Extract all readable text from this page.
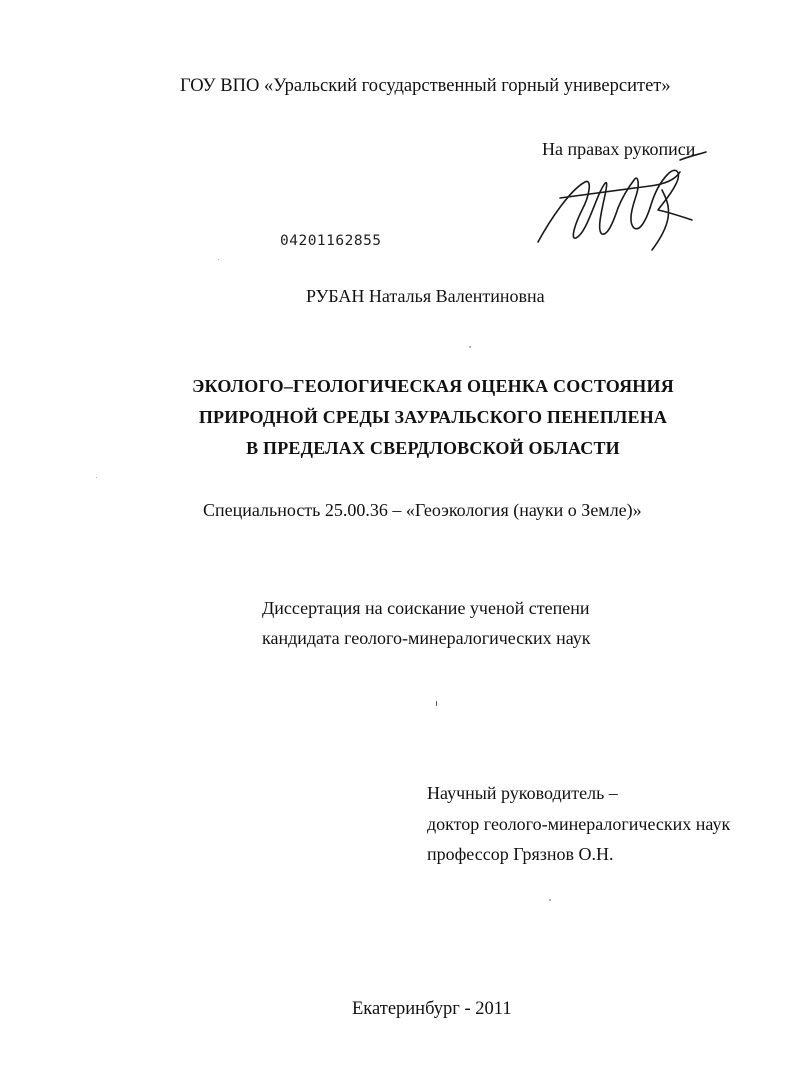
ГОУ ВПО «Уральский государственный горный университет»
На правах рукописи
04201162855
РУБАН Наталья Валентиновна
ЭКОЛОГО–ГЕОЛОГИЧЕСКАЯ ОЦЕНКА СОСТОЯНИЯ
ПРИРОДНОЙ СРЕДЫ ЗАУРАЛЬСКОГО ПЕНЕПЛЕНА
В ПРЕДЕЛАХ СВЕРДЛОВСКОЙ ОБЛАСТИ
Специальность 25.00.36 – «Геоэкология (науки о Земле)»
Диссертация на соискание ученой степени
кандидата геолого-минералогических наук
Научный руководитель –
доктор геолого-минералогических наук
профессор Грязнов О.Н.
Екатеринбург - 2011
